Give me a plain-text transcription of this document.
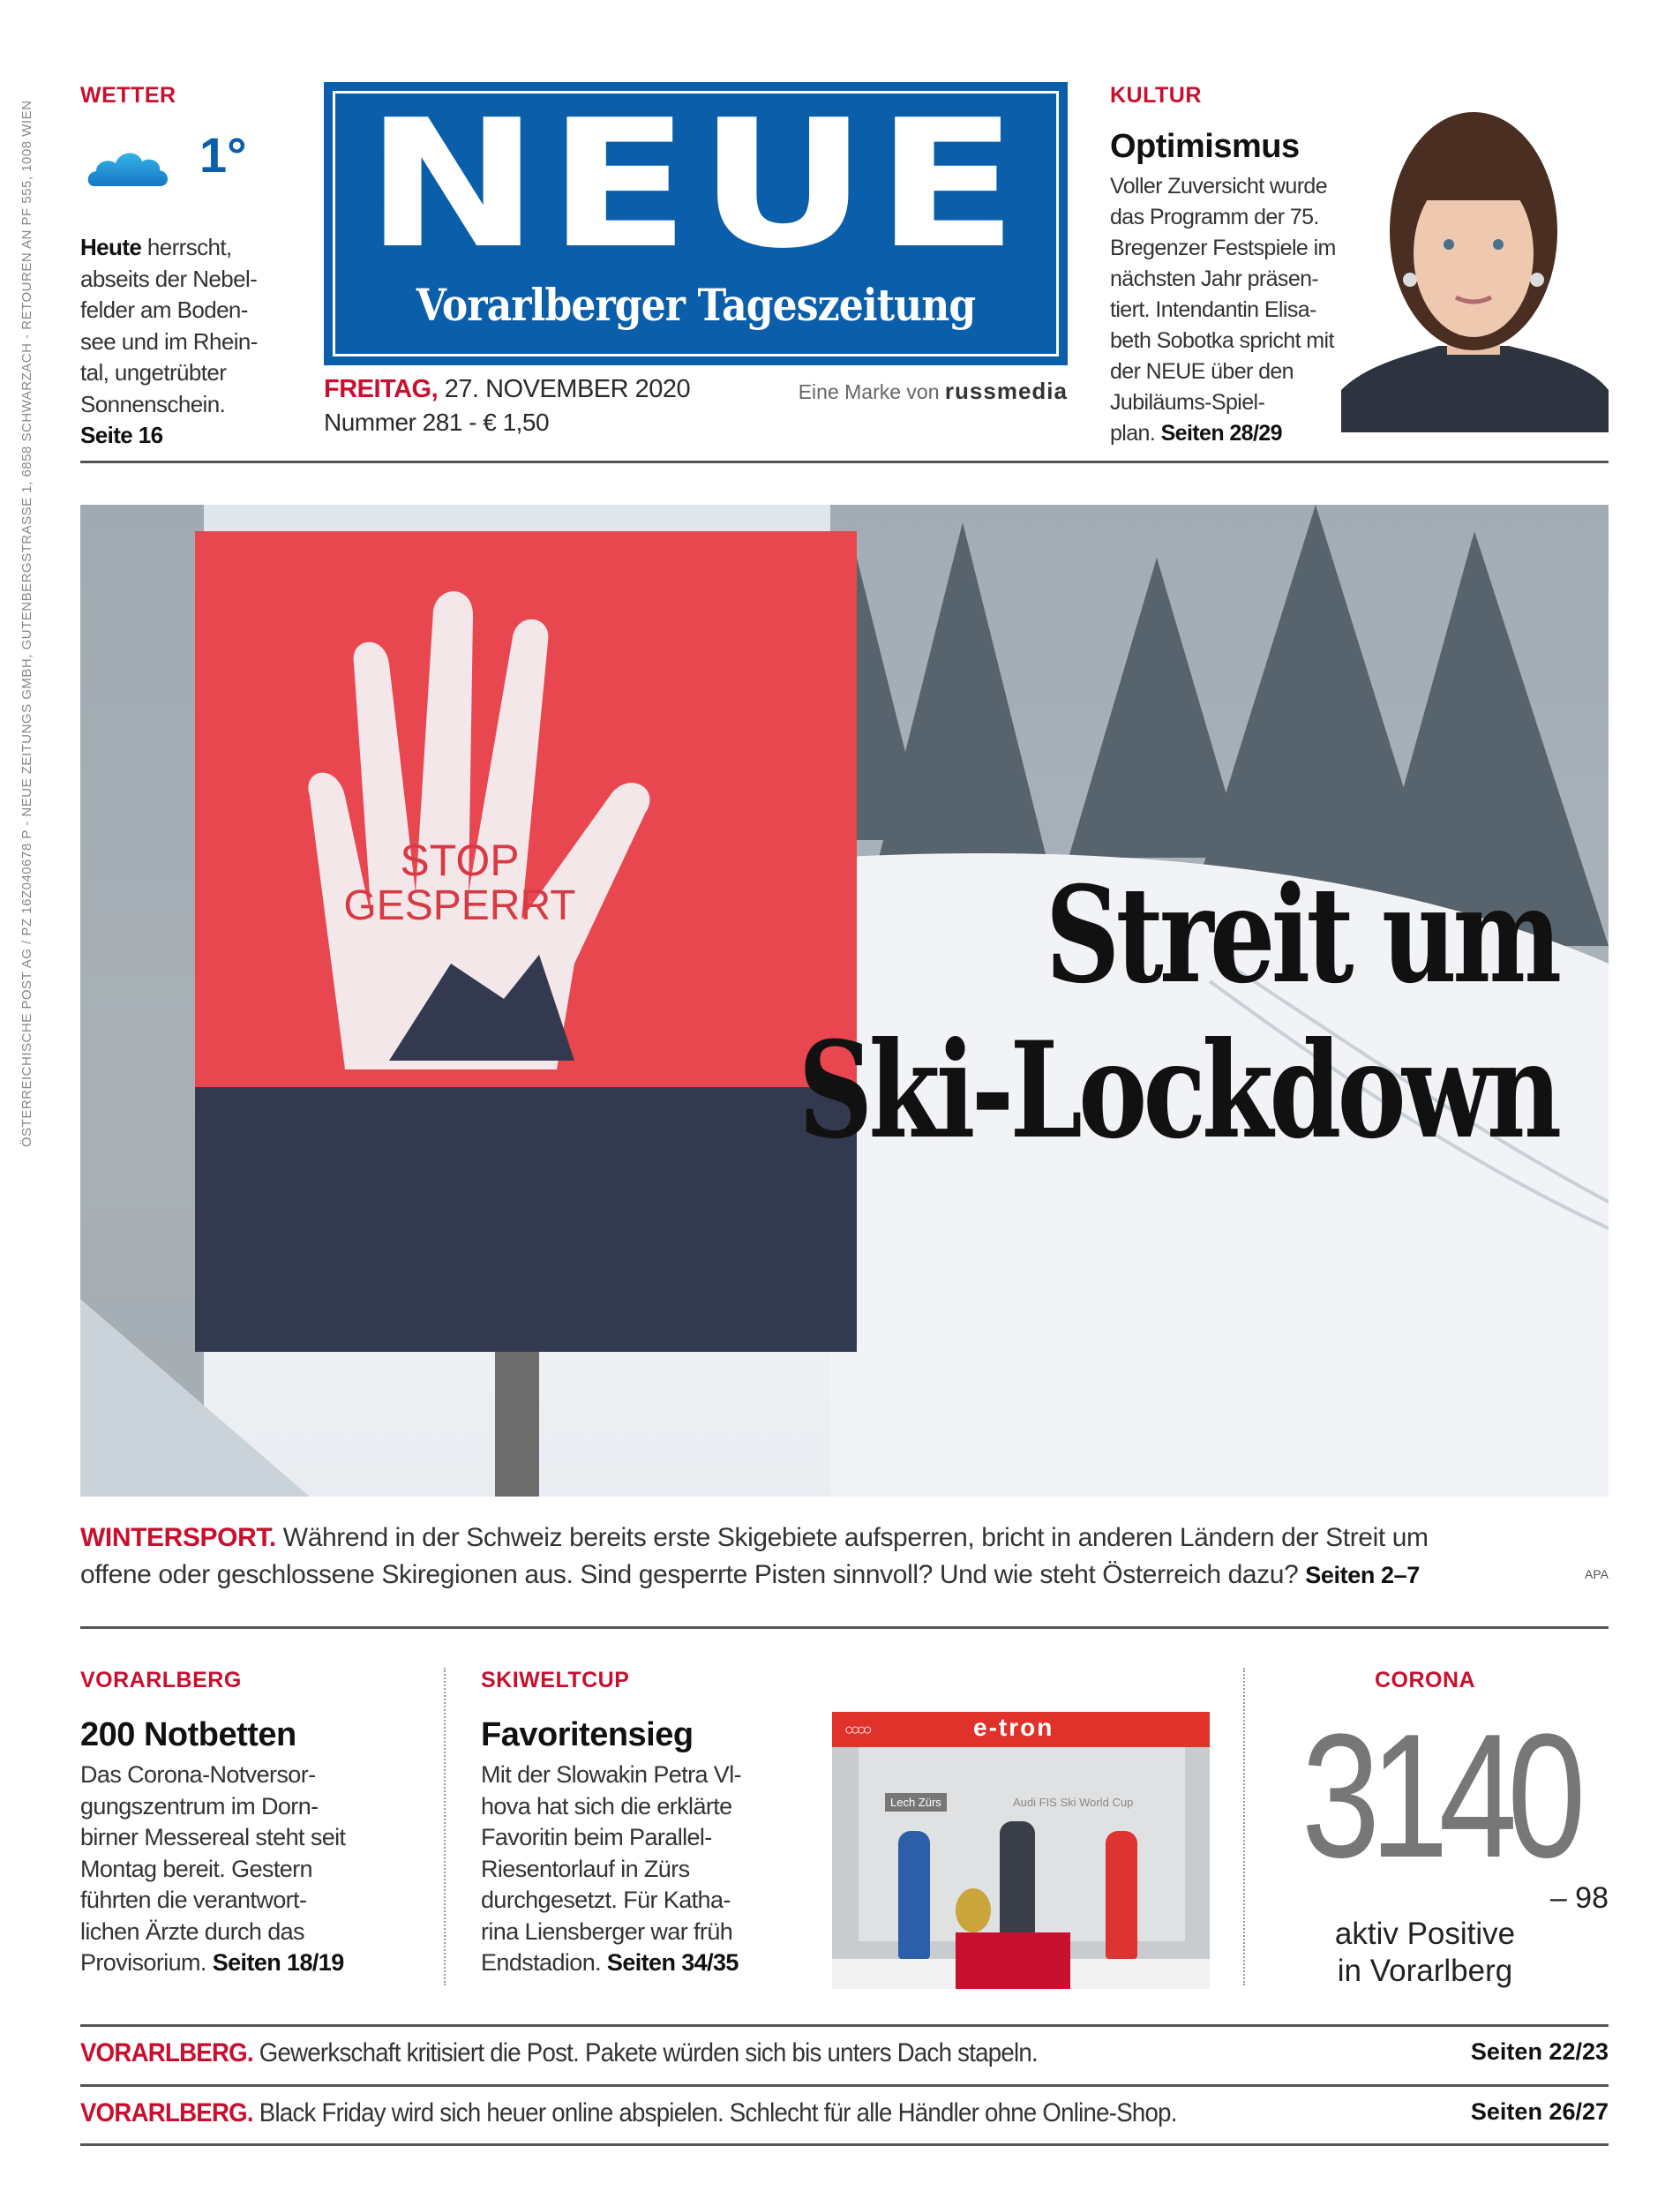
ÖSTERREICHISCHE POST AG / PZ 16Z040678 P - NEUE ZEITUNGS GMBH, GUTENBERGSTRASSE 1, 6858 SCHWARZACH - RETOUREN AN PF 555, 1008 WIEN
WETTER
1°
Heute herrscht,
abseits der Nebel-
felder am Boden-
see und im Rhein-
tal, ungetrübter
Sonnenschein.
Seite 16
NEUE
Vorarlberger Tageszeitung
FREITAG, 27. NOVEMBER 2020
Nummer 281 - € 1,50
Eine Marke von russmedia
KULTUR
Optimismus
Voller Zuversicht wurde
das Programm der 75.
Bregenzer Festspiele im
nächsten Jahr präsen-
tiert. Intendantin Elisa-
beth Sobotka spricht mit
der NEUE über den
Jubiläums-Spiel-
plan. Seiten 28/29
STOP
GESPERRT	Streit um
Ski-Lockdown
WINTERSPORT. Während in der Schweiz bereits erste Skigebiete aufsperren, bricht in anderen Ländern der Streit um
offene oder geschlossene Skiregionen aus. Sind gesperrte Pisten sinnvoll? Und wie steht Österreich dazu? Seiten 2–7	APA
VORARLBERG
200 Notbetten
Das Corona-Notversor-
gungszentrum im Dorn-
birner Messereal steht seit
Montag bereit. Gestern
führten die verantwort-
lichen Ärzte durch das
Provisorium. Seiten 18/19
SKIWELTCUP
Favoritensieg
Mit der Slowakin Petra Vl-
hova hat sich die erklärte
Favoritin beim Parallel-
Riesentorlauf in Zürs
durchgesetzt. Für Katha-
rina Liensberger war früh
Endstadion. Seiten 34/35
e-tron
○○○○
Lech Zürs	Audi FIS Ski World Cup
CORONA
3140
– 98
aktiv Positive
in Vorarlberg
VORARLBERG. Gewerkschaft kritisiert die Post. Pakete würden sich bis unters Dach stapeln.	Seiten 22/23
VORARLBERG. Black Friday wird sich heuer online abspielen. Schlecht für alle Händler ohne Online-Shop.	Seiten 26/27
